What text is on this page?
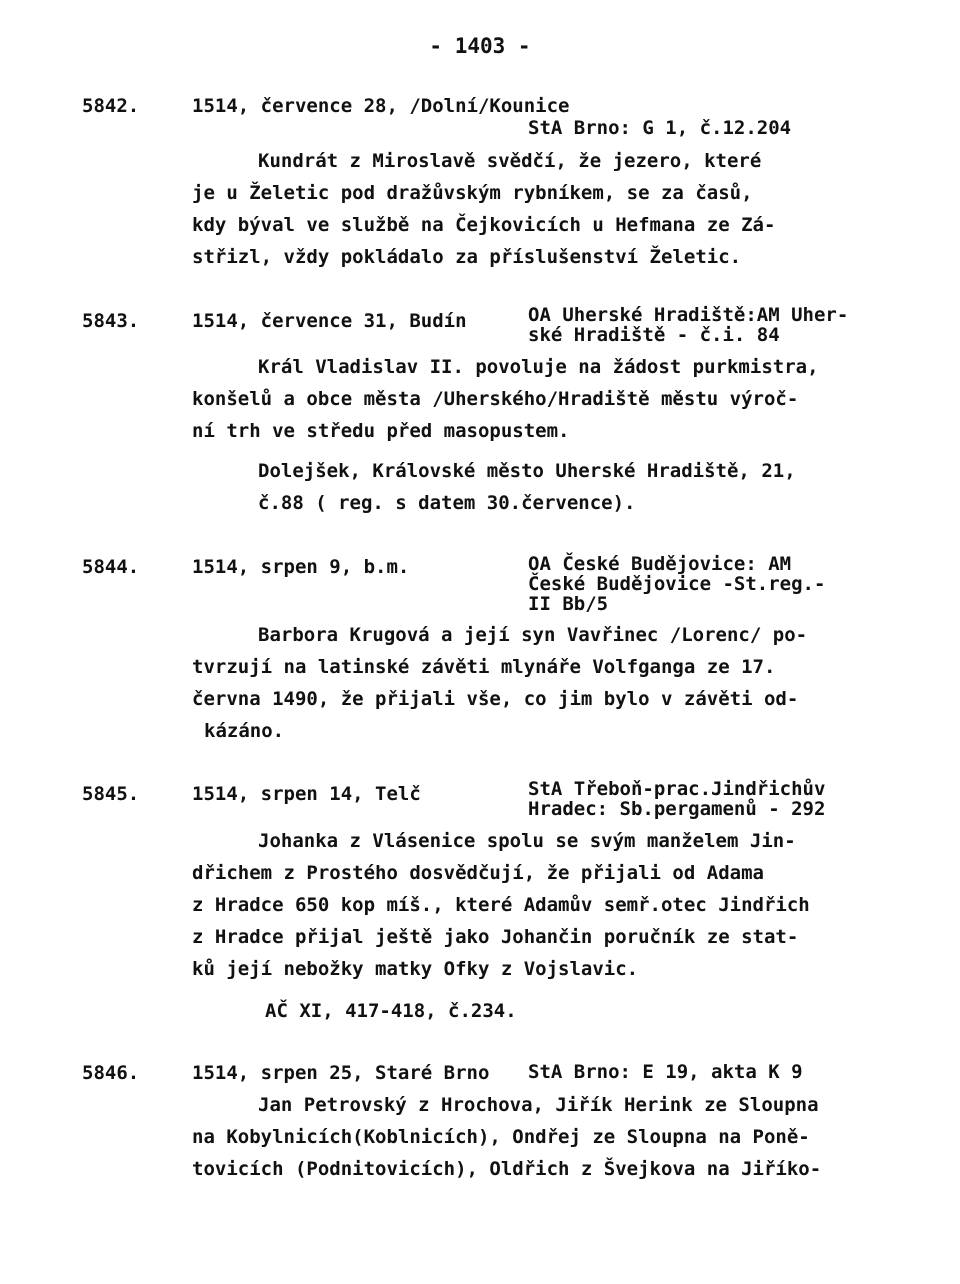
- 1403 -
5842.	1514, července 28, /Dolní/Kounice
StA Brno: G 1, č.12.204
Kundrát z Miroslavě svědčí, že jezero, které
je u Želetic pod dražůvským rybníkem, se za časů,
kdy býval ve službě na Čejkovicích u Hefmana ze Zá-
střizl, vždy pokládalo za příslušenství Želetic.
5843.	1514, července 31, Budín	OA Uherské Hradiště:AM Uher-
ské Hradiště - č.i. 84
Král Vladislav II. povoluje na žádost purkmistra,
konšelů a obce města /Uherského/Hradiště městu výroč-
ní trh ve středu před masopustem.
Dolejšek, Královské město Uherské Hradiště, 21,
č.88 ( reg. s datem 30.července).
5844.	1514, srpen 9, b.m.	OA České Budějovice: AM
České Budějovice -St.reg.-
II Bb/5
Barbora Krugová a její syn Vavřinec /Lorenc/ po-
tvrzují na latinské závěti mlynáře Volfganga ze 17.
června 1490, že přijali vše, co jim bylo v závěti od-
kázáno.
5845.	1514, srpen 14, Telč	StA Třeboň-prac.Jindřichův
Hradec: Sb.pergamenů - 292
Johanka z Vlásenice spolu se svým manželem Jin-
dřichem z Prostého dosvědčují, že přijali od Adama
z Hradce 650 kop míš., které Adamův semř.otec Jindřich
z Hradce přijal ještě jako Johančin poručník ze stat-
ků její nebožky matky Ofky z Vojslavic.
AČ XI, 417-418, č.234.
5846.	1514, srpen 25, Staré Brno StA Brno: E 19, akta K 9
Jan Petrovský z Hrochova, Jiřík Herink ze Sloupna
na Kobylnicích(Koblnicích), Ondřej ze Sloupna na Poně-
tovicích (Podnitovicích), Oldřich z Švejkova na Jiříko-
